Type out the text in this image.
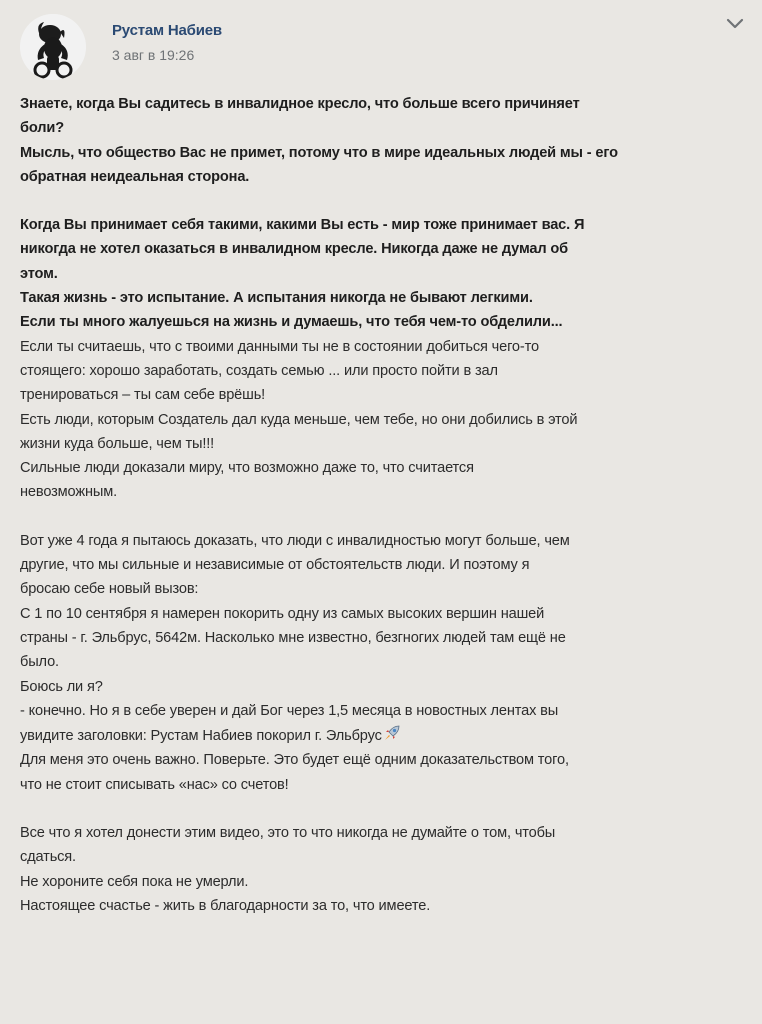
Рустам Набиев
3 авг в 19:26
Знаете, когда Вы садитесь в инвалидное кресло, что больше всего причиняет
боли?
Мысль, что общество Вас не примет, потому что в мире идеальных людей мы - его
обратная неидеальная сторона.
Когда Вы принимает себя такими, какими Вы есть - мир тоже принимает вас. Я
никогда не хотел оказаться в инвалидном кресле. Никогда даже не думал об
этом.
Такая жизнь - это испытание. А испытания никогда не бывают легкими.
Если ты много жалуешься на жизнь и думаешь, что тебя чем-то обделили...
Если ты считаешь, что с твоими данными ты не в состоянии добиться чего-то
стоящего: хорошо заработать, создать семью ... или просто пойти в зал
тренироваться – ты сам себе врёшь!
Есть люди, которым Создатель дал куда меньше, чем тебе, но они добились в этой
жизни куда больше, чем ты!!!
Сильные люди доказали миру, что возможно даже то, что считается
невозможным.
Вот уже 4 года я пытаюсь доказать, что люди с инвалидностью могут больше, чем
другие, что мы сильные и независимые от обстоятельств люди. И поэтому я
бросаю себе новый вызов:
С 1 по 10 сентября я намерен покорить одну из самых высоких вершин нашей
страны - г. Эльбрус, 5642м. Насколько мне известно, безгногих людей там ещё не
было.
Боюсь ли я?
- конечно. Но я в себе уверен и дай Бог через 1,5 месяца в новостных лентах вы
увидите заголовки: Рустам Набиев покорил г. Эльбрус
Для меня это очень важно. Поверьте. Это будет ещё одним доказательством того,
что не стоит списывать «нас» со счетов!
Все что я хотел донести этим видео, это то что никогда не думайте о том, чтобы
сдаться.
Не хороните себя пока не умерли.
Настоящее счастье - жить в благодарности за то, что имеете.
